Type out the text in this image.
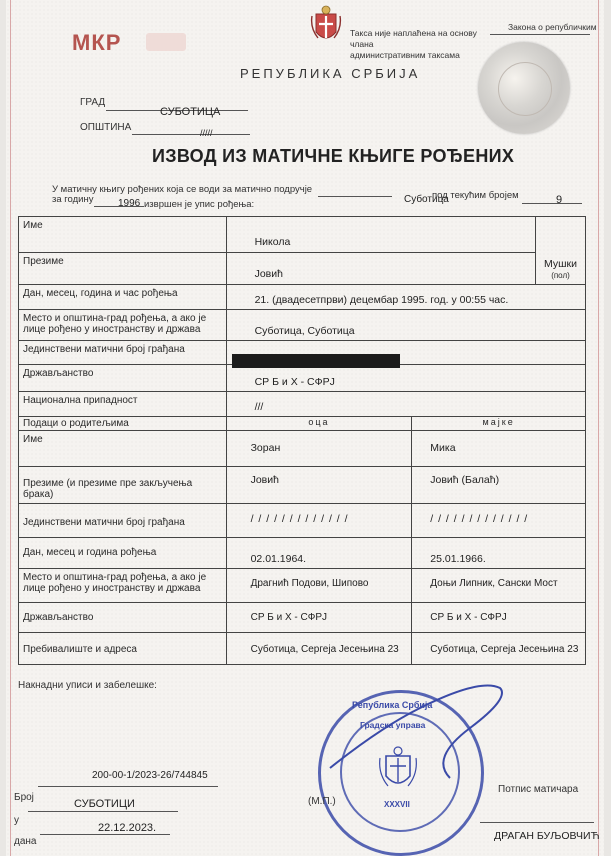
МКР	Такса није наплаћена на основу члана
административним таксама
Закона о републичким
РЕПУБЛИКА СРБИЈА
ГРАД
СУБОТИЦА
ОПШТИНА	/////
ИЗВОД ИЗ МАТИЧНЕ КЊИГЕ РОЂЕНИХ
У матичну књигу рођених која се води за матично подручје
Суботица
под текућим бројем	9
за годину 1996 извршен је упис рођења:
Име	Никола		Мушки
(пол)
Презиме	Јовић		

Дан, месец, година и час рођења	21. (двадесетпрви) децембар 1995. год. у 00:55 час.		

Место и општина-град рођења, а ако је лице рођено у иностранству и држава	Суботица, Суботица		

Јединствени матични број грађана			
Држављанство	СР Б и Х - СФРЈ		

Национална припадност	///		

Подаци о родитељима	оца	мајке	
Име	Зоран	Мика	

Презиме (и презиме пре закључења брака)	Јовић	Јовић (Балаћ)	

Јединствени матични број грађана	/ / / / / / / / / / / / /	/ / / / / / / / / / / / /	

Дан, месец и година рођења	02.01.1964.	25.01.1966.	

Место и општина-град рођења, а ако је лице рођено у иностранству и држава	Драгнић Подови, Шипово	Доњи Липник, Сански Мост	

Држављанство	СР Б и Х - СФРЈ	СР Б и Х - СФРЈ	

Пребивалиште и адреса	Суботица, Сергеја Јесењина 23	Суботица, Сергеја Јесењина 23	
Накнадни уписи и забелешке:
Република Србија
Градска управа
XXXVII
200-00-1/2023-26/744845
Број
у
СУБОТИЦИ
дана
22.12.2023.
(М.П.)
Потпис матичара
ДРАГАН БУЉОВЧИЋ
